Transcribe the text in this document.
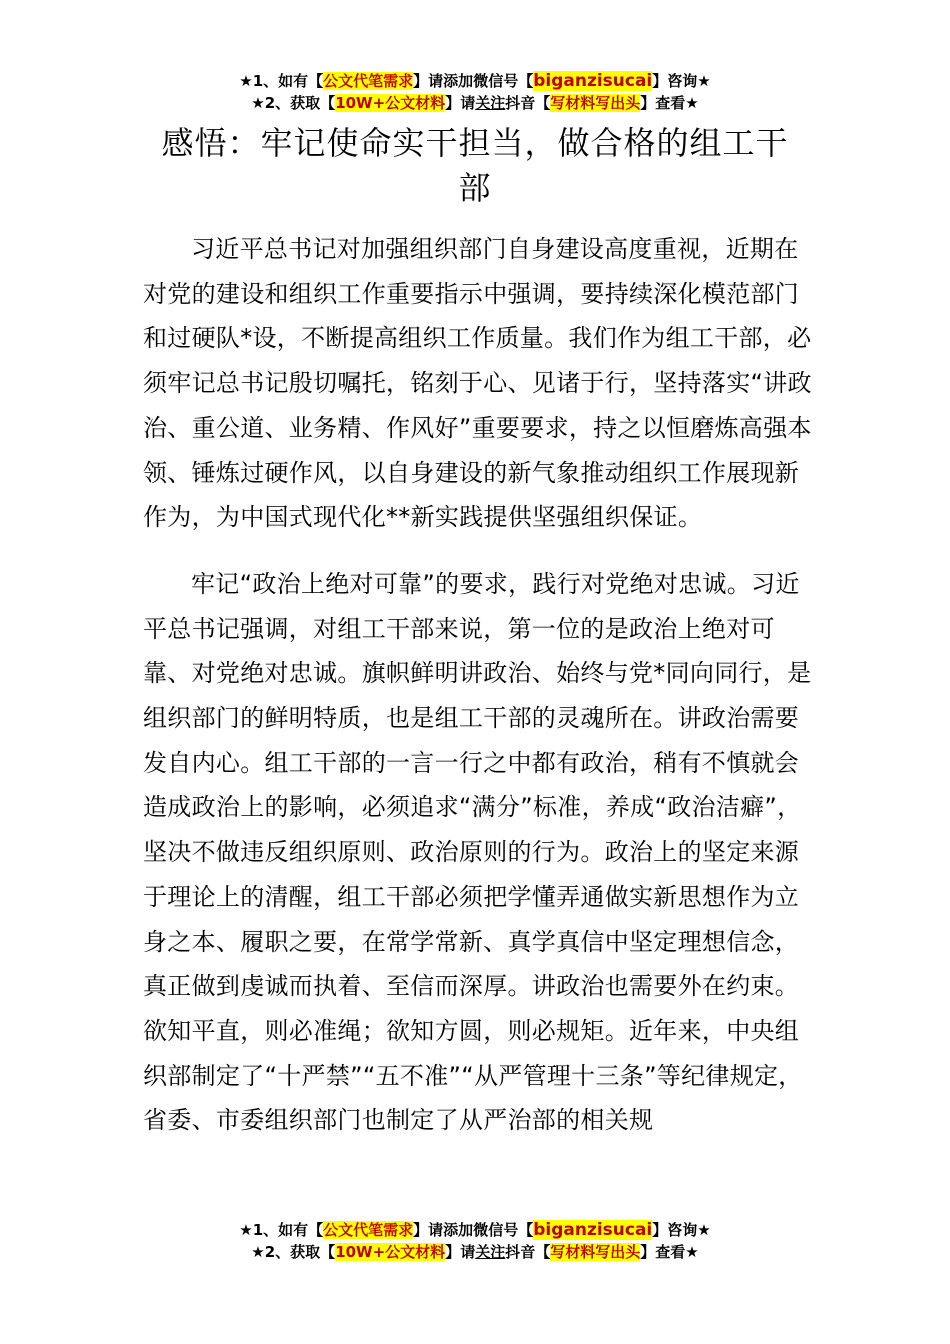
★1、如有【公文代笔需求】请添加微信号【biganzisucai】咨询★
★2、获取【10W+公文材料】请关注抖音【写材料写出头】查看★
感悟：牢记使命实干担当，做合格的组工干部

习近平总书记对加强组织部门自身建设高度重视，近期在对党的建设和组织工作重要指示中强调，要持续深化模范部门和过硬队*设，不断提高组织工作质量。我们作为组工干部，必须牢记总书记殷切嘱托，铭刻于心、见诸于行，坚持落实“讲政治、重公道、业务精、作风好”重要要求，持之以恒磨炼高强本领、锤炼过硬作风，以自身建设的新气象推动组织工作展现新作为，为中国式现代化**新实践提供坚强组织保证。

牢记“政治上绝对可靠”的要求，践行对党绝对忠诚。习近平总书记强调，对组工干部来说，第一位的是政治上绝对可靠、对党绝对忠诚。旗帜鲜明讲政治、始终与党*同向同行，是组织部门的鲜明特质，也是组工干部的灵魂所在。讲政治需要发自内心。组工干部的一言一行之中都有政治，稍有不慎就会造成政治上的影响，必须追求“满分”标准，养成“政治洁癖”，坚决不做违反组织原则、政治原则的行为。政治上的坚定来源于理论上的清醒，组工干部必须把学懂弄通做实新思想作为立身之本、履职之要，在常学常新、真学真信中坚定理想信念，真正做到虔诚而执着、至信而深厚。讲政治也需要外在约束。欲知平直，则必准绳；欲知方圆，则必规矩。近年来，中央组织部制定了“十严禁”“五不准”“从严管理十三条”等纪律规定，省委、市委组织部门也制定了从严治部的相关规

★1、如有【公文代笔需求】请添加微信号【biganzisucai】咨询★
★2、获取【10W+公文材料】请关注抖音【写材料写出头】查看★
